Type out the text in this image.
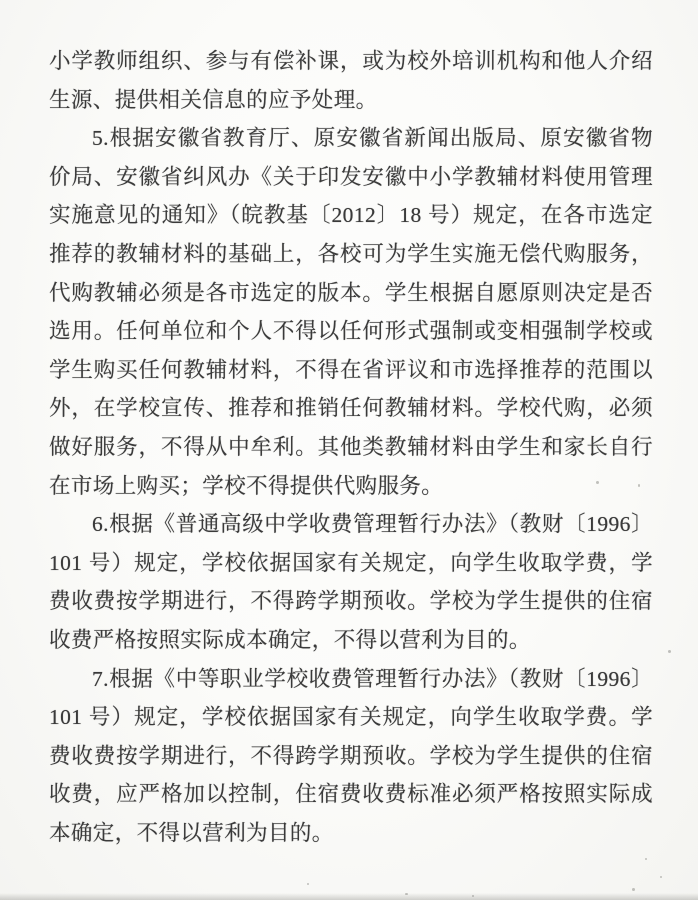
小学教师组织、参与有偿补课，或为校外培训机构和他人介绍生源、提供相关信息的应予处理。

5.根据安徽省教育厅、原安徽省新闻出版局、原安徽省物价局、安徽省纠风办《关于印发安徽中小学教辅材料使用管理实施意见的通知》（皖教基〔2012〕18 号）规定，在各市选定推荐的教辅材料的基础上，各校可为学生实施无偿代购服务，代购教辅必须是各市选定的版本。学生根据自愿原则决定是否选用。任何单位和个人不得以任何形式强制或变相强制学校或学生购买任何教辅材料，不得在省评议和市选择推荐的范围以外，在学校宣传、推荐和推销任何教辅材料。学校代购，必须做好服务，不得从中牟利。其他类教辅材料由学生和家长自行在市场上购买；学校不得提供代购服务。

6.根据《普通高级中学收费管理暂行办法》（教财〔1996〕101 号）规定，学校依据国家有关规定，向学生收取学费，学费收费按学期进行，不得跨学期预收。学校为学生提供的住宿收费严格按照实际成本确定，不得以营利为目的。

7.根据《中等职业学校收费管理暂行办法》（教财〔1996〕101 号）规定，学校依据国家有关规定，向学生收取学费。学费收费按学期进行，不得跨学期预收。学校为学生提供的住宿收费，应严格加以控制，住宿费收费标准必须严格按照实际成本确定，不得以营利为目的。
